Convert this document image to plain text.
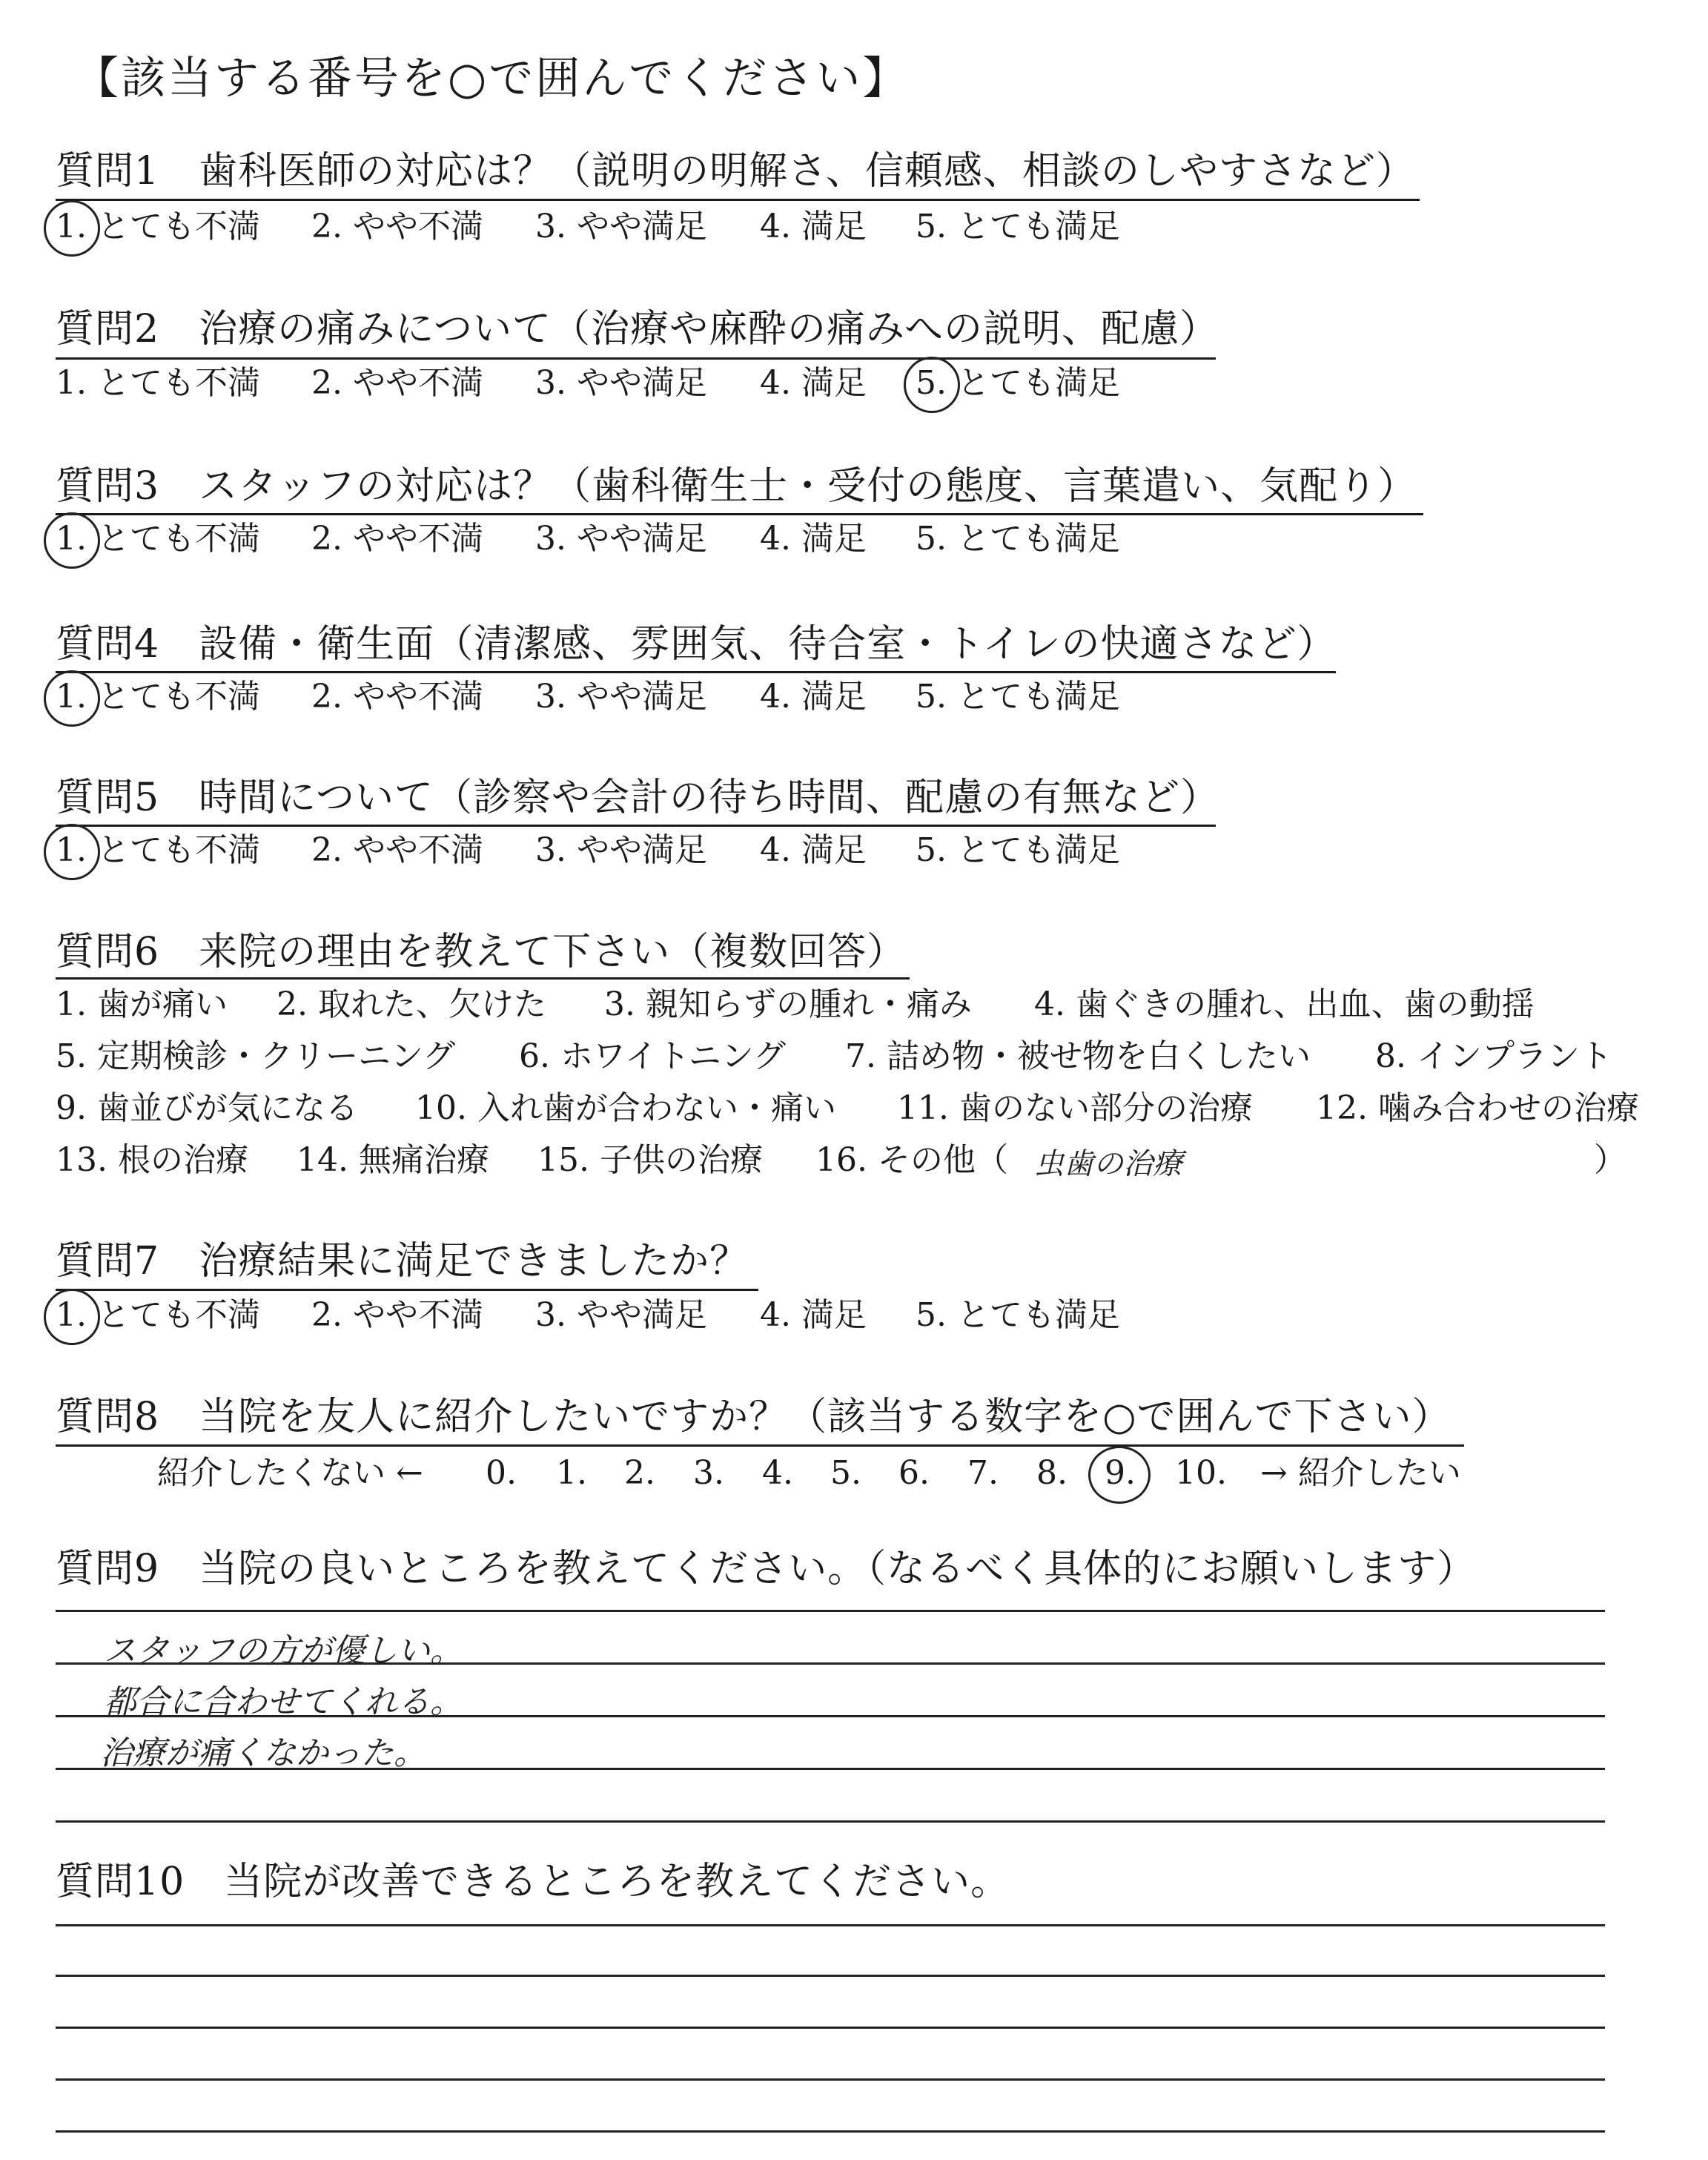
【該当する番号を○で囲んでください】
質問1　歯科医師の対応は？（説明の明解さ、信頼感、相談のしやすさなど）
1. とても不満 2. やや不満 3. やや満足 4. 満足 5. とても満足
質問2　治療の痛みについて（治療や麻酔の痛みへの説明、配慮）
1. とても不満 2. やや不満 3. やや満足 4. 満足 5. とても満足
質問3　スタッフの対応は？（歯科衛生士・受付の態度、言葉遣い、気配り）
1. とても不満 2. やや不満 3. やや満足 4. 満足 5. とても満足
質問4　設備・衛生面（清潔感、雰囲気、待合室・トイレの快適さなど）
1. とても不満 2. やや不満 3. やや満足 4. 満足 5. とても満足
質問5　時間について（診察や会計の待ち時間、配慮の有無など）
1. とても不満 2. やや不満 3. やや満足 4. 満足 5. とても満足
質問6　来院の理由を教えて下さい（複数回答）
1. 歯が痛い 2. 取れた、欠けた 3. 親知らずの腫れ・痛み 4. 歯ぐきの腫れ、出血、歯の動揺
5. 定期検診・クリーニング 6. ホワイトニング 7. 詰め物・被せ物を白くしたい 8. インプラント
9. 歯並びが気になる 10. 入れ歯が合わない・痛い 11. 歯のない部分の治療 12. 噛み合わせの治療
13. 根の治療 14. 無痛治療 15. 子供の治療 16. その他（ 虫歯の治療	）
質問7　治療結果に満足できましたか？
1. とても不満 2. やや不満 3. やや満足 4. 満足 5. とても満足
質問8　当院を友人に紹介したいですか？（該当する数字を○で囲んで下さい）
紹介したくない ← 0. 1. 2. 3. 4. 5. 6. 7. 8. 9. 10. → 紹介したい
質問9　当院の良いところを教えてください。（なるべく具体的にお願いします）
スタッフの方が優しい。
都合に合わせてくれる。
治療が痛くなかった。
質問10　当院が改善できるところを教えてください。
